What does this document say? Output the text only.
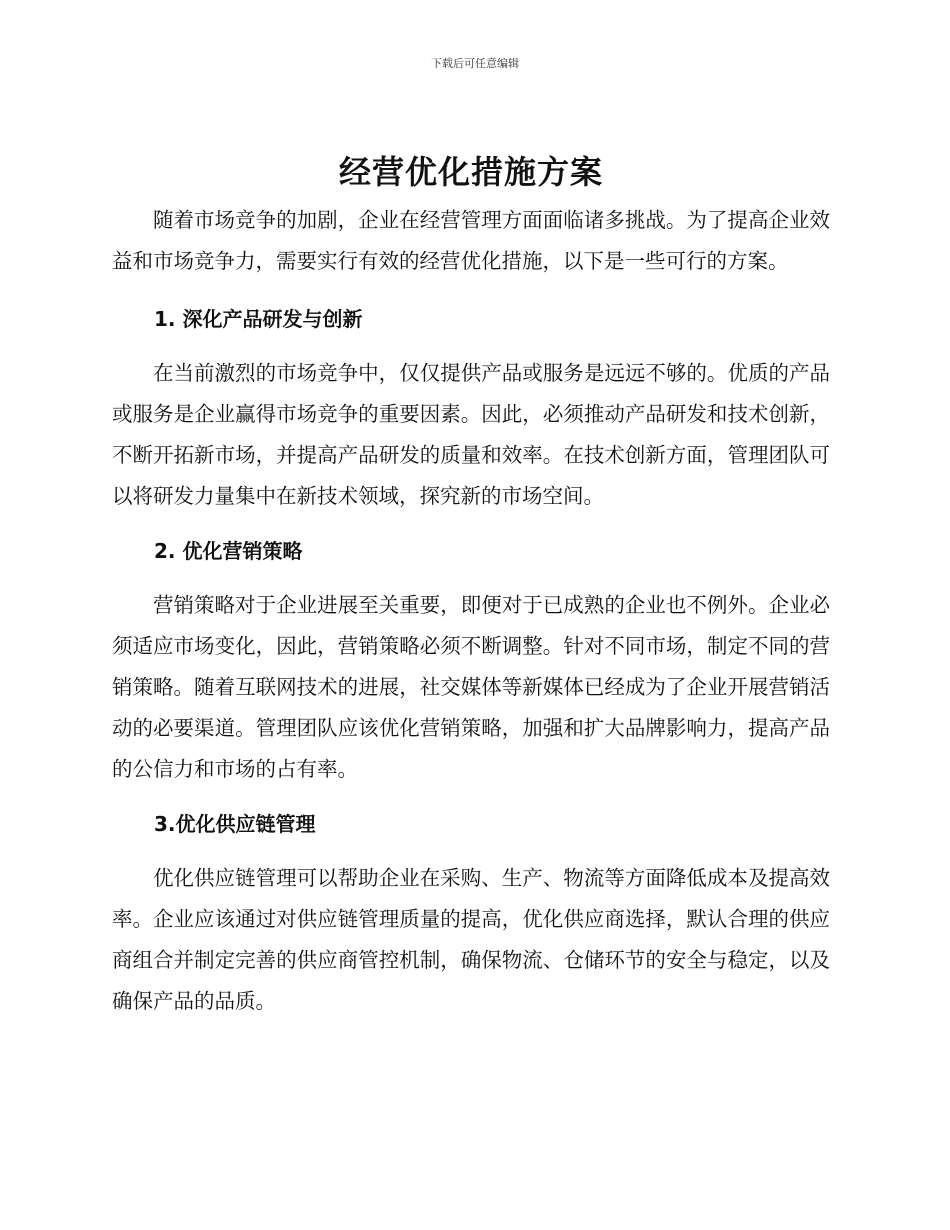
下载后可任意编辑
经营优化措施方案

随着市场竞争的加剧，企业在经营管理方面面临诸多挑战。为了提高企业效益和市场竞争力，需要实行有效的经营优化措施，以下是一些可行的方案。

1. 深化产品研发与创新

在当前激烈的市场竞争中，仅仅提供产品或服务是远远不够的。优质的产品或服务是企业赢得市场竞争的重要因素。因此，必须推动产品研发和技术创新，不断开拓新市场，并提高产品研发的质量和效率。在技术创新方面，管理团队可以将研发力量集中在新技术领域，探究新的市场空间。

2. 优化营销策略

营销策略对于企业进展至关重要，即便对于已成熟的企业也不例外。企业必须适应市场变化，因此，营销策略必须不断调整。针对不同市场，制定不同的营销策略。随着互联网技术的进展，社交媒体等新媒体已经成为了企业开展营销活动的必要渠道。管理团队应该优化营销策略，加强和扩大品牌影响力，提高产品的公信力和市场的占有率。

3.优化供应链管理

优化供应链管理可以帮助企业在采购、生产、物流等方面降低成本及提高效率。企业应该通过对供应链管理质量的提高，优化供应商选择，默认合理的供应商组合并制定完善的供应商管控机制，确保物流、仓储环节的安全与稳定，以及确保产品的品质。
